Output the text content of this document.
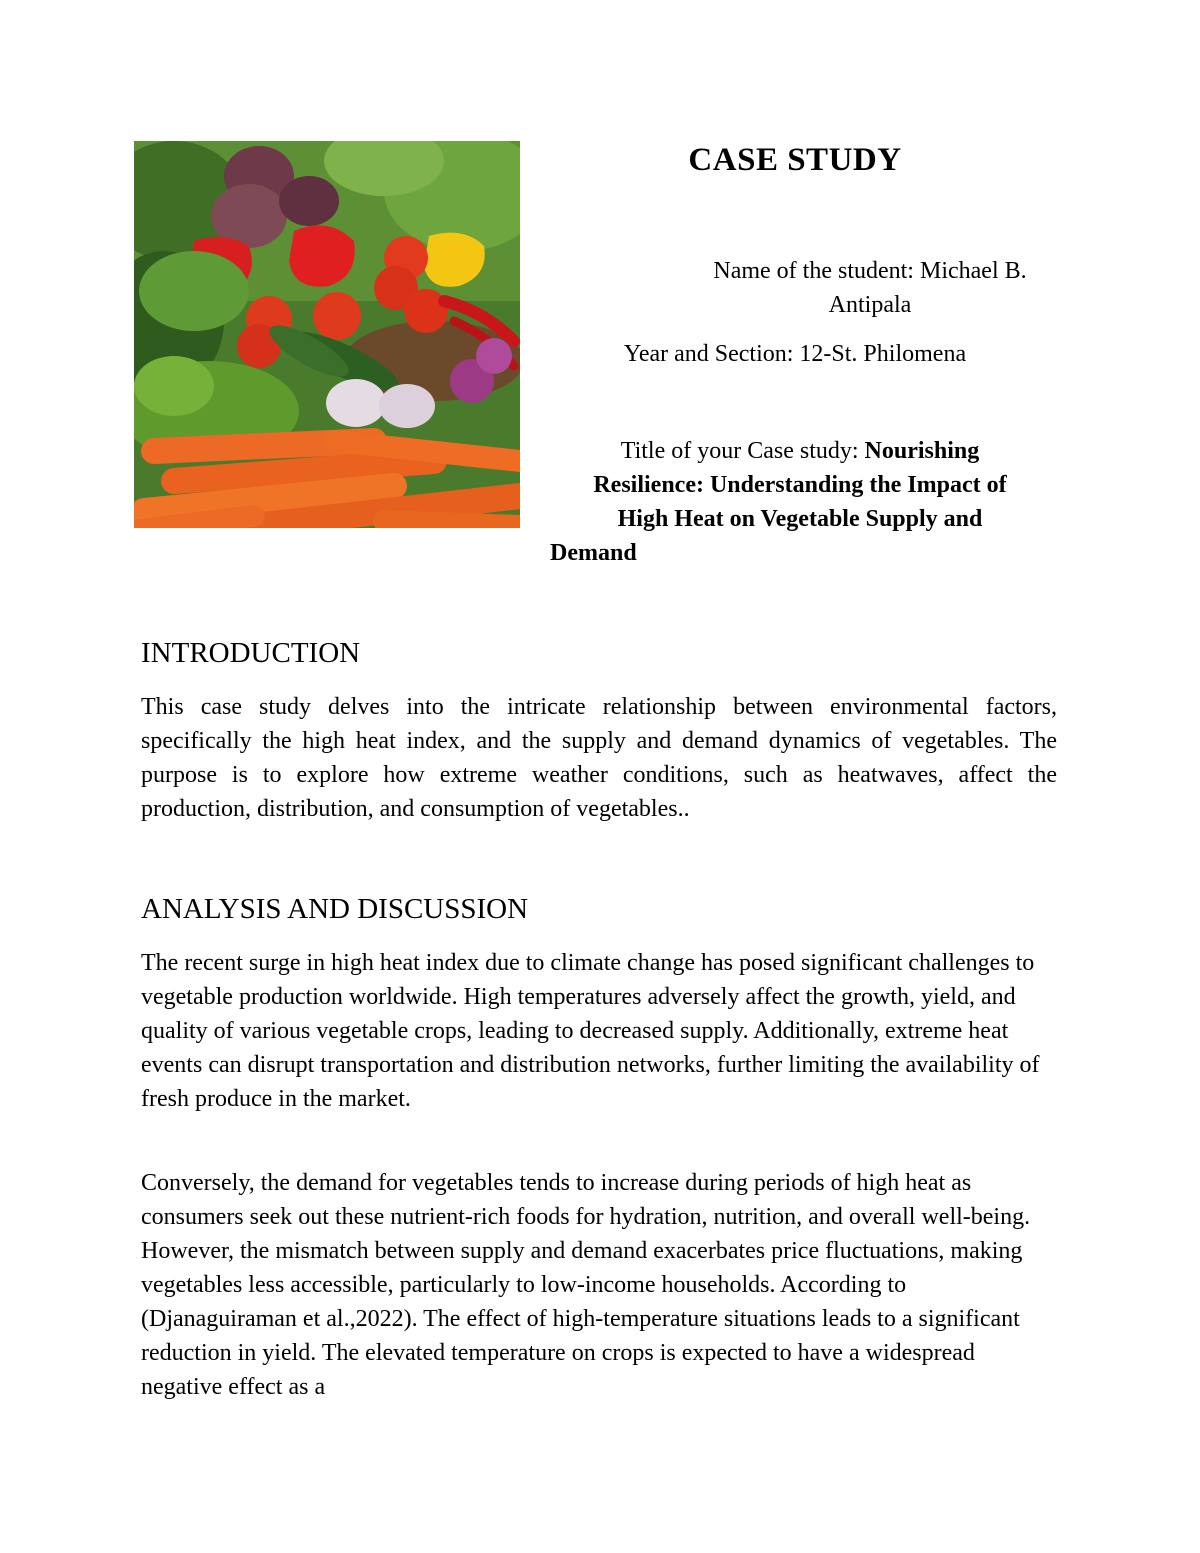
CASE STUDY
Name of the student: Michael B.
Antipala
Year and Section: 12-St. Philomena
Title of your Case study: Nourishing
Resilience: Understanding the Impact of
High Heat on Vegetable Supply and
Demand
INTRODUCTION
This case study delves into the intricate relationship between environmental factors, specifically the high heat index, and the supply and demand dynamics of vegetables. The purpose is to explore how extreme weather conditions, such as heatwaves, affect the production, distribution, and consumption of vegetables..
ANALYSIS AND DISCUSSION
The recent surge in high heat index due to climate change has posed significant challenges to vegetable production worldwide. High temperatures adversely affect the growth, yield, and quality of various vegetable crops, leading to decreased supply. Additionally, extreme heat events can disrupt transportation and distribution networks, further limiting the availability of fresh produce in the market.
Conversely, the demand for vegetables tends to increase during periods of high heat as consumers seek out these nutrient-rich foods for hydration, nutrition, and overall well-being. However, the mismatch between supply and demand exacerbates price fluctuations, making vegetables less accessible, particularly to low-income households. According to (Djanaguiraman et al.,2022). The effect of high-temperature situations leads to a significant reduction in yield. The elevated temperature on crops is expected to have a widespread negative effect as a
